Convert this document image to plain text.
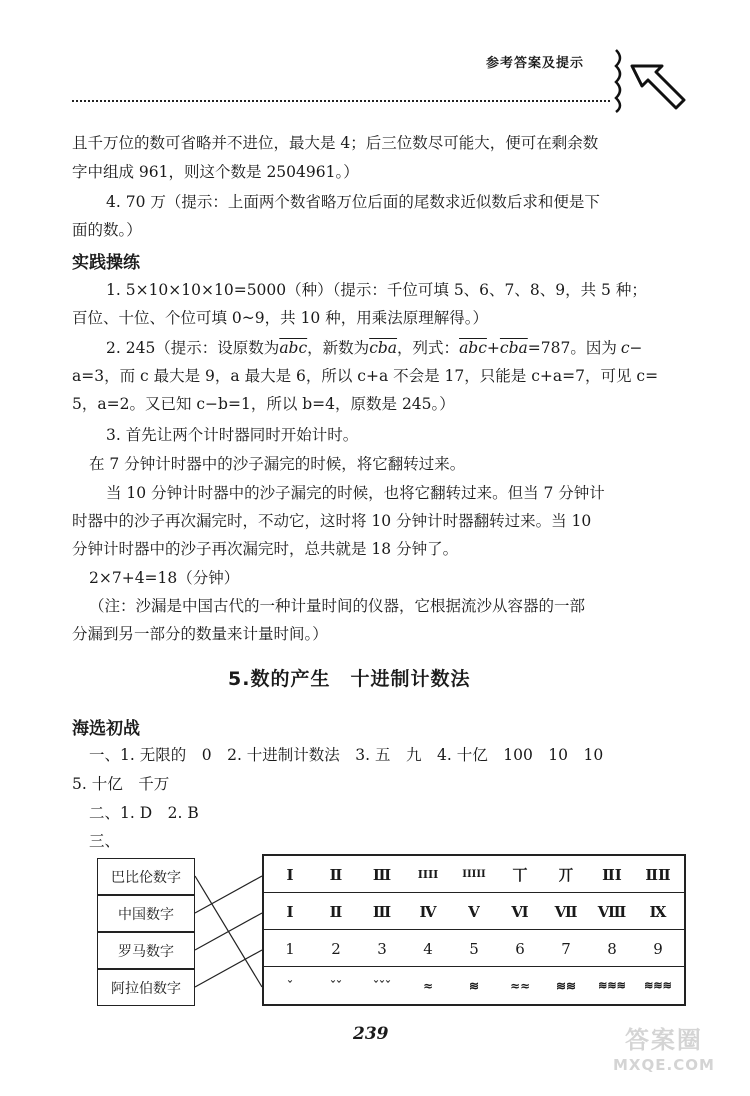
参考答案及提示
且千万位的数可省略并不进位，最大是 4；后三位数尽可能大，便可在剩余数
字中组成 961，则这个数是 2504961。）
4. 70 万（提示：上面两个数省略万位后面的尾数求近似数后求和便是下
面的数。）
实践操练
1. 5×10×10×10=5000（种）（提示：千位可填 5、6、7、8、9，共 5 种；
百位、十位、个位可填 0~9，共 10 种，用乘法原理解得。）
2. 245（提示：设原数为$\overline{abc}$，新数为$\overline{cba}$，列式：$\overline{abc}+\overline{cba}=787$。因为 c−
a=3，而 c 最大是 9，a 最大是 6，所以 c+a 不会是 17，只能是 c+a=7，可见 c=
5，a=2。又已知 c−b=1，所以 b=4，原数是 245。）
3. 首先让两个计时器同时开始计时。
在 7 分钟计时器中的沙子漏完的时候，将它翻转过来。
当 10 分钟计时器中的沙子漏完的时候，也将它翻转过来。但当 7 分钟计
时器中的沙子再次漏完时，不动它，这时将 10 分钟计时器翻转过来。当 10
分钟计时器中的沙子再次漏完时，总共就是 18 分钟了。
2×7+4=18（分钟）
（注：沙漏是中国古代的一种计量时间的仪器，它根据流沙从容器的一部
分漏到另一部分的数量来计量时间。）
5.数的产生　十进制计数法
海选初战
一、1. 无限的　0　2. 十进制计数法　3. 五　九　4. 十亿　100　10　10
5. 十亿　千万
二、1. D　2. B
三、
巴比伦数字
中国数字
罗马数字
阿拉伯数字
Ⅰ	Ⅱ	Ⅲ	ⅠⅠⅠⅠ	ⅠⅠⅠⅠⅠ	丅	丌	ⅡⅠ	ⅡⅡ
Ⅰ	Ⅱ	Ⅲ	Ⅳ	Ⅴ	Ⅵ	Ⅶ	Ⅷ	Ⅸ
1	2	3	4	5	6	7	8	9
ˇ	ˇˇ	ˇˇˇ	≈	≋	≈≈	≋≋	≋≋≋	≋≋≋
239	答案圈
MXQE.COM
